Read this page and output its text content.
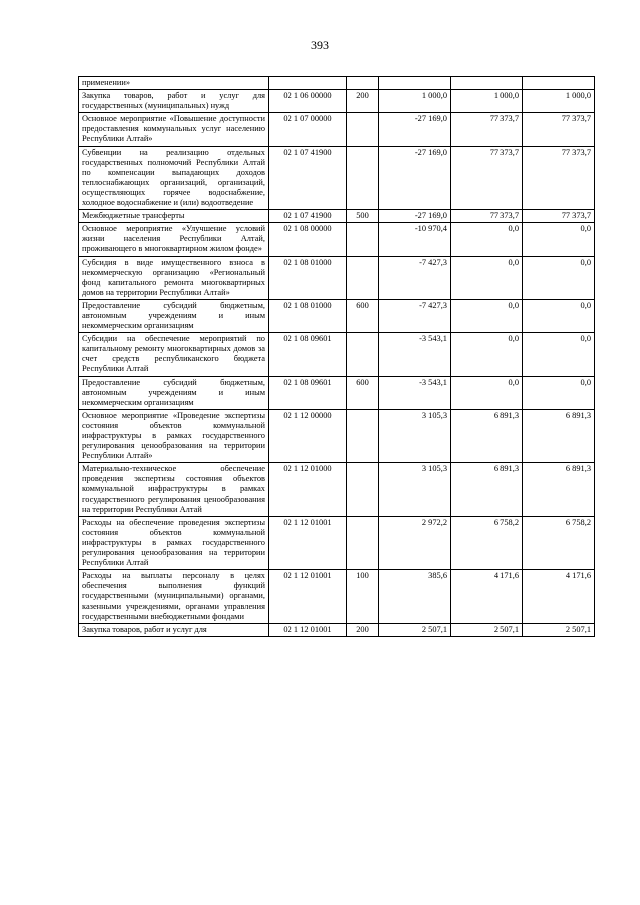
393
применении»					
Закупка товаров, работ и услуг для государственных (муниципальных) нужд	02 1 06 00000	200	1 000,0	1 000,0	1 000,0
Основное мероприятие «Повышение доступности предоставления коммунальных услуг населению Республики Алтай»	02 1 07 00000		-27 169,0	77 373,7	77 373,7
Субвенции на реализацию отдельных государственных полномочий Республики Алтай по компенсации выпадающих доходов теплоснабжающих организаций, организаций, осуществляющих горячее водоснабжение, холодное водоснабжение и (или) водоотведение	02 1 07 41900		-27 169,0	77 373,7	77 373,7
Межбюджетные трансферты	02 1 07 41900	500	-27 169,0	77 373,7	77 373,7
Основное мероприятие «Улучшение условий жизни населения Республики Алтай, проживающего в многоквартирном жилом фонде»	02 1 08 00000		-10 970,4	0,0	0,0
Субсидия в виде имущественного взноса в некоммерческую организацию «Региональный фонд капитального ремонта многоквартирных домов на территории Республики Алтай»	02 1 08 01000		-7 427,3	0,0	0,0
Предоставление субсидий бюджетным, автономным учреждениям и иным некоммерческим организациям	02 1 08 01000	600	-7 427,3	0,0	0,0
Субсидии на обеспечение мероприятий по капитальному ремонту многоквартирных домов за счет средств республиканского бюджета Республики Алтай	02 1 08 09601		-3 543,1	0,0	0,0
Предоставление субсидий бюджетным, автономным учреждениям и иным некоммерческим организациям	02 1 08 09601	600	-3 543,1	0,0	0,0
Основное мероприятие «Проведение экспертизы состояния объектов коммунальной инфраструктуры в рамках государственного регулирования ценообразования на территории Республики Алтай»	02 1 12 00000		3 105,3	6 891,3	6 891,3
Материально-техническое обеспечение проведения экспертизы состояния объектов коммунальной инфраструктуры в рамках государственного регулирования ценообразования на территории Республики Алтай	02 1 12 01000		3 105,3	6 891,3	6 891,3
Расходы на обеспечение проведения экспертизы состояния объектов коммунальной инфраструктуры в рамках государственного регулирования ценообразования на территории Республики Алтай	02 1 12 01001		2 972,2	6 758,2	6 758,2
Расходы на выплаты персоналу в целях обеспечения выполнения функций государственными (муниципальными) органами, казенными учреждениями, органами управления государственными внебюджетными фондами	02 1 12 01001	100	385,6	4 171,6	4 171,6
Закупка товаров, работ и услуг для	02 1 12 01001	200	2 507,1	2 507,1	2 507,1
